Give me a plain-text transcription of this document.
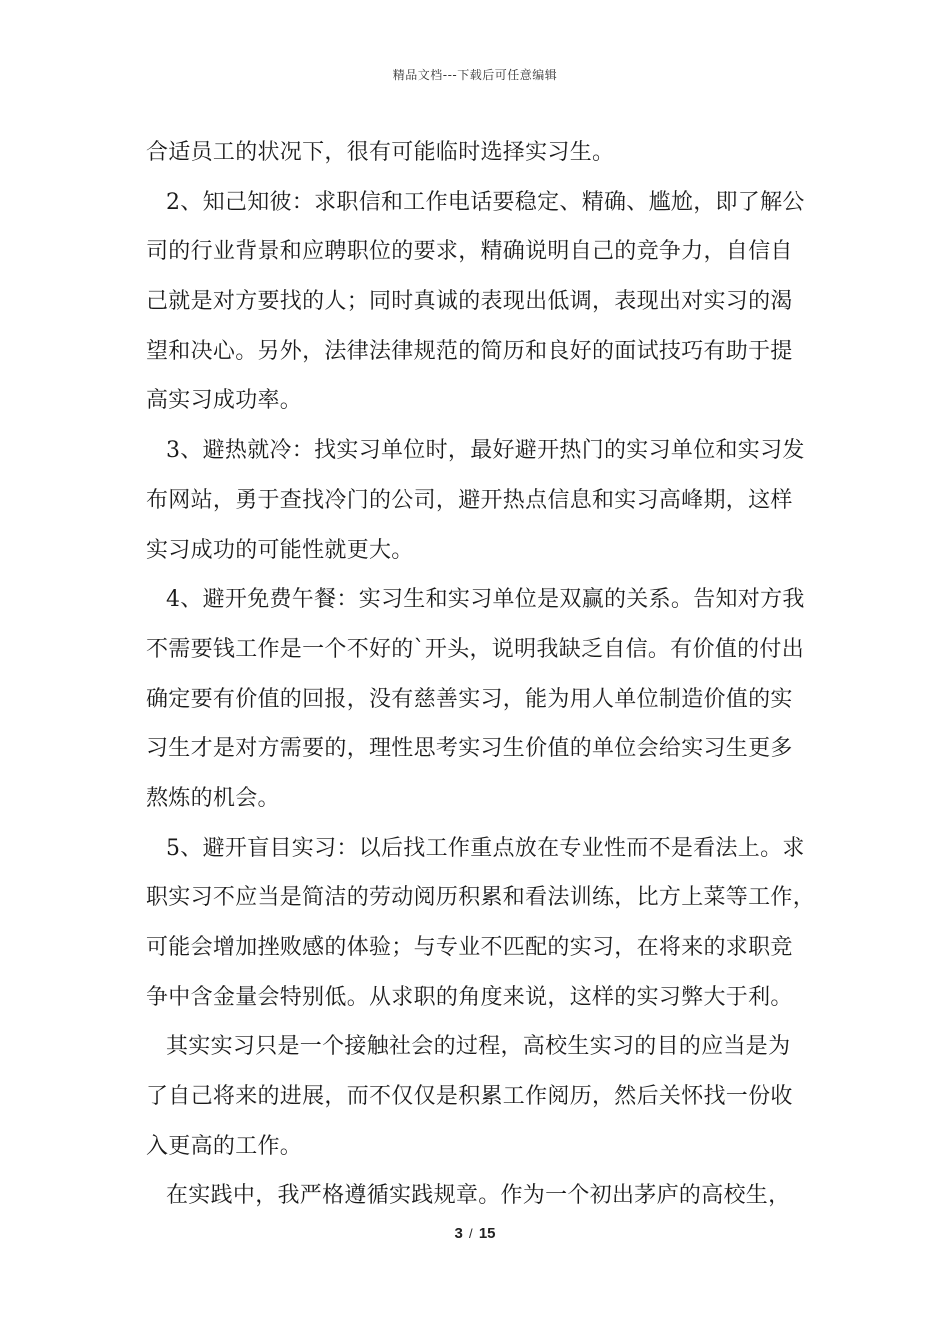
精品文档---下载后可任意编辑
合适员工的状况下，很有可能临时选择实习生。
2、知己知彼：求职信和工作电话要稳定、精确、尴尬，即了解公
司的行业背景和应聘职位的要求，精确说明自己的竞争力，自信自
己就是对方要找的人；同时真诚的表现出低调，表现出对实习的渴
望和决心。另外，法律法律规范的简历和良好的面试技巧有助于提
高实习成功率。
3、避热就冷：找实习单位时，最好避开热门的实习单位和实习发
布网站，勇于查找冷门的公司，避开热点信息和实习高峰期，这样
实习成功的可能性就更大。
4、避开免费午餐：实习生和实习单位是双赢的关系。告知对方我
不需要钱工作是一个不好的`开头，说明我缺乏自信。有价值的付出
确定要有价值的回报，没有慈善实习，能为用人单位制造价值的实
习生才是对方需要的，理性思考实习生价值的单位会给实习生更多
熬炼的机会。
5、避开盲目实习：以后找工作重点放在专业性而不是看法上。求
职实习不应当是简洁的劳动阅历积累和看法训练，比方上菜等工作，
可能会增加挫败感的体验；与专业不匹配的实习，在将来的求职竞
争中含金量会特别低。从求职的角度来说，这样的实习弊大于利。
其实实习只是一个接触社会的过程，高校生实习的目的应当是为
了自己将来的进展，而不仅仅是积累工作阅历，然后关怀找一份收
入更高的工作。
在实践中，我严格遵循实践规章。作为一个初出茅庐的高校生，
3 / 15
